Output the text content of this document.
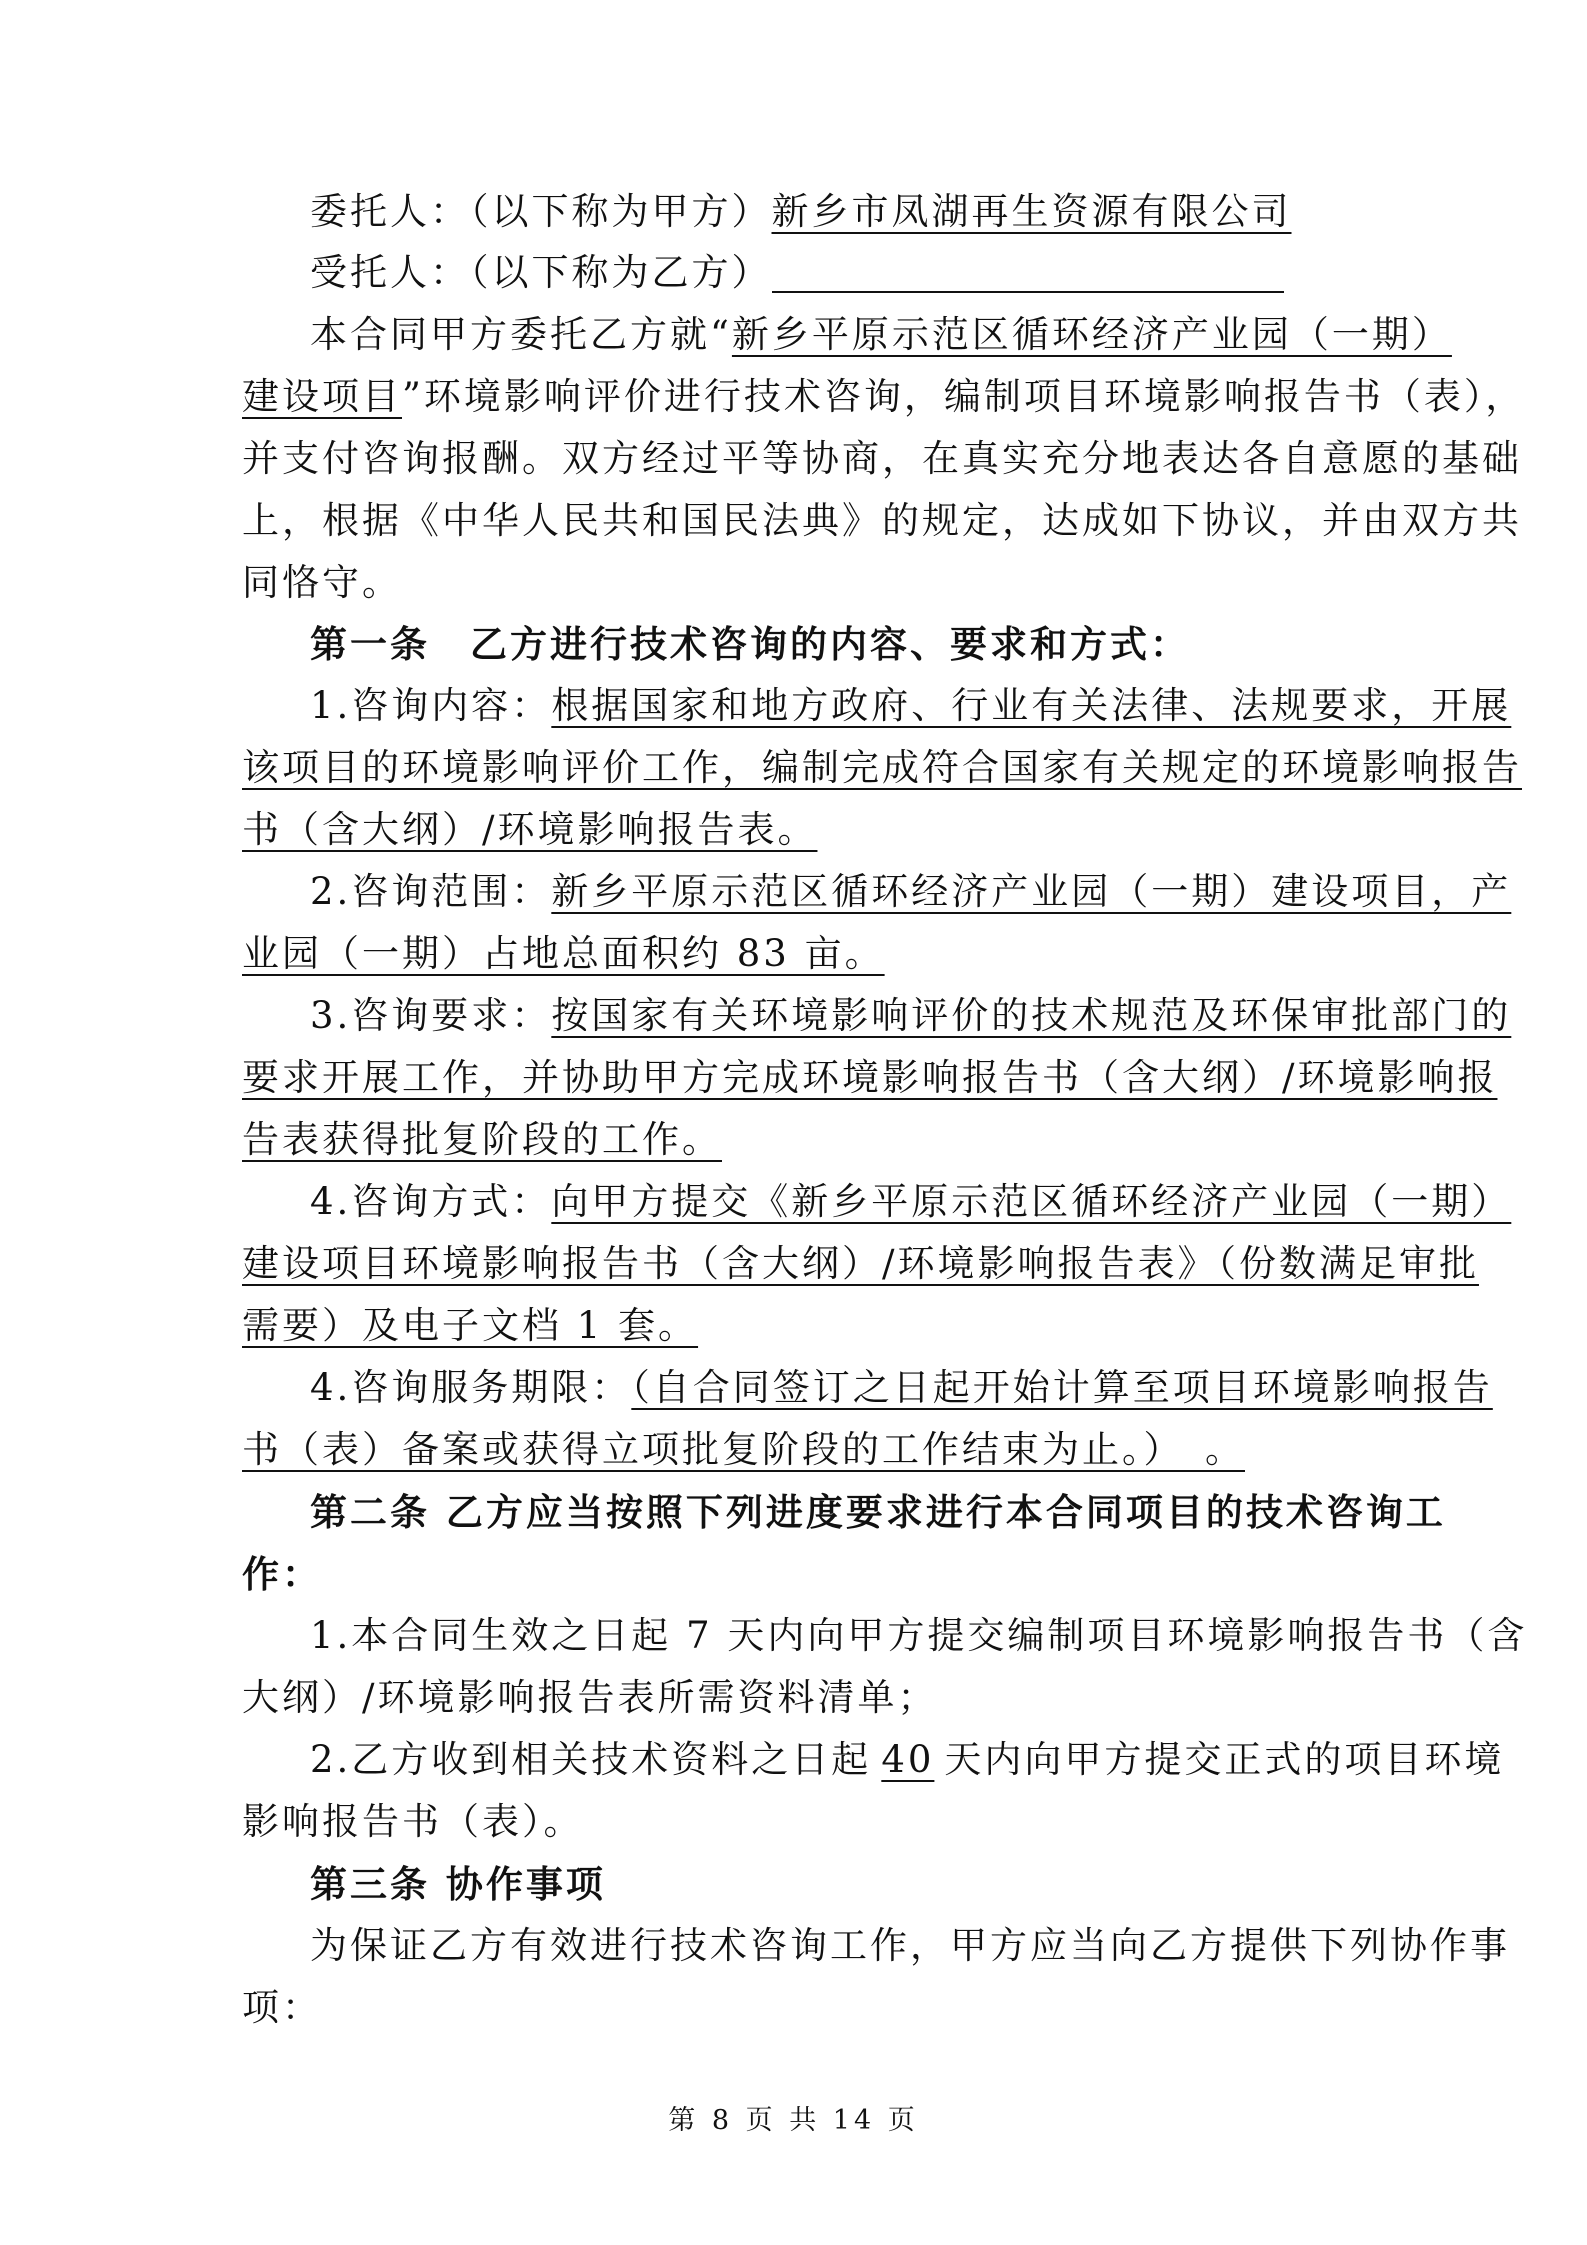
委托人：（以下称为甲方）新乡市凤湖再生资源有限公司
受托人：（以下称为乙方）
本合同甲方委托乙方就“新乡平原示范区循环经济产业园（一期）
建设项目”环境影响评价进行技术咨询，编制项目环境影响报告书（表），
并支付咨询报酬。双方经过平等协商，在真实充分地表达各自意愿的基础
上，根据《中华人民共和国民法典》的规定，达成如下协议，并由双方共
同恪守。
第一条　乙方进行技术咨询的内容、要求和方式：
1.咨询内容：根据国家和地方政府、行业有关法律、法规要求，开展
该项目的环境影响评价工作，编制完成符合国家有关规定的环境影响报告
书（含大纲）/环境影响报告表。
2.咨询范围：新乡平原示范区循环经济产业园（一期）建设项目，产
业园（一期）占地总面积约 83 亩。
3.咨询要求：按国家有关环境影响评价的技术规范及环保审批部门的
要求开展工作，并协助甲方完成环境影响报告书（含大纲）/环境影响报
告表获得批复阶段的工作。
4.咨询方式：向甲方提交《新乡平原示范区循环经济产业园（一期）
建设项目环境影响报告书（含大纲）/环境影响报告表》（份数满足审批
需要）及电子文档 1 套。
4.咨询服务期限：（自合同签订之日起开始计算至项目环境影响报告
书（表）备案或获得立项批复阶段的工作结束为止。）　。
第二条 乙方应当按照下列进度要求进行本合同项目的技术咨询工
作：
1.本合同生效之日起 7 天内向甲方提交编制项目环境影响报告书（含
大纲）/环境影响报告表所需资料清单；
2.乙方收到相关技术资料之日起 40 天内向甲方提交正式的项目环境
影响报告书（表）。
第三条 协作事项
为保证乙方有效进行技术咨询工作，甲方应当向乙方提供下列协作事
项：
第 8 页 共 14 页
